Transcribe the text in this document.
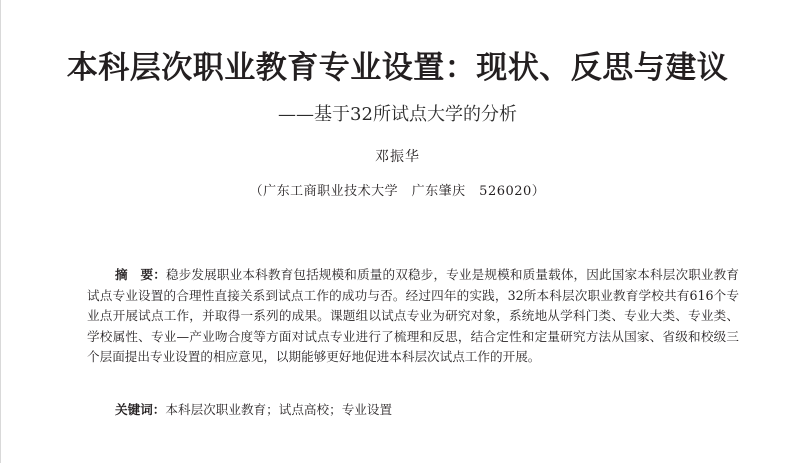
本科层次职业教育专业设置：现状、反思与建议
——基于32所试点大学的分析
邓振华
（广东工商职业技术大学　广东肇庆　526020）
摘　要：稳步发展职业本科教育包括规模和质量的双稳步，专业是规模和质量载体，因此国家本科层次职业教育试点专业设置的合理性直接关系到试点工作的成功与否。经过四年的实践，32所本科层次职业教育学校共有616个专业点开展试点工作，并取得一系列的成果。课题组以试点专业为研究对象，系统地从学科门类、专业大类、专业类、学校属性、专业—产业吻合度等方面对试点专业进行了梳理和反思，结合定性和定量研究方法从国家、省级和校级三个层面提出专业设置的相应意见，以期能够更好地促进本科层次试点工作的开展。
关键词：本科层次职业教育；试点高校；专业设置
